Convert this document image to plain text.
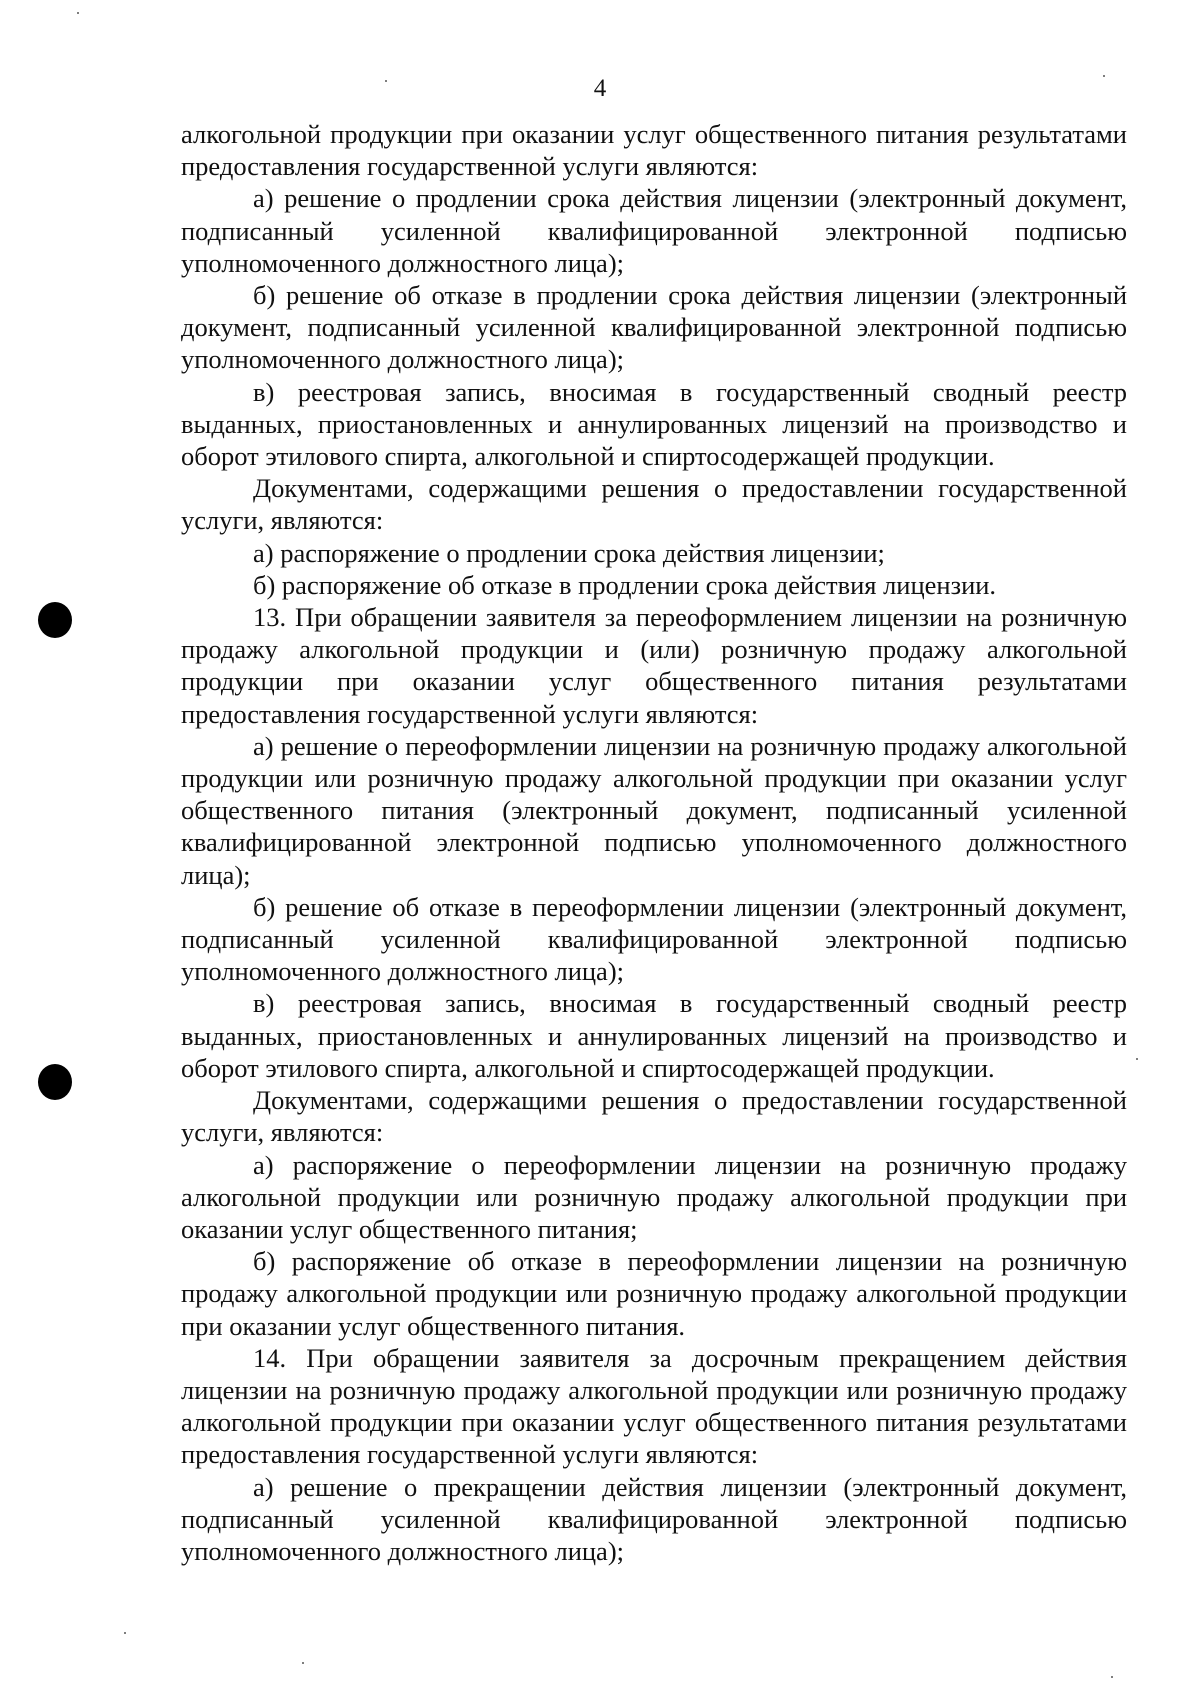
4

алкогольной продукции при оказании услуг общественного питания результатами предоставления государственной услуги являются:

а) решение о продлении срока действия лицензии (электронный документ, подписанный усиленной квалифицированной электронной подписью уполномоченного должностного лица);

б) решение об отказе в продлении срока действия лицензии (электронный документ, подписанный усиленной квалифицированной электронной подписью уполномоченного должностного лица);

в) реестровая запись, вносимая в государственный сводный реестр выданных, приостановленных и аннулированных лицензий на производство и оборот этилового спирта, алкогольной и спиртосодержащей продукции.

Документами, содержащими решения о предоставлении государственной услуги, являются:

а) распоряжение о продлении срока действия лицензии;

б) распоряжение об отказе в продлении срока действия лицензии.

13. При обращении заявителя за переоформлением лицензии на розничную продажу алкогольной продукции и (или) розничную продажу алкогольной продукции при оказании услуг общественного питания результатами предоставления государственной услуги являются:

а) решение о переоформлении лицензии на розничную продажу алкогольной продукции или розничную продажу алкогольной продукции при оказании услуг общественного питания (электронный документ, подписанный усиленной квалифицированной электронной подписью уполномоченного должностного лица);

б) решение об отказе в переоформлении лицензии (электронный документ, подписанный усиленной квалифицированной электронной подписью уполномоченного должностного лица);

в) реестровая запись, вносимая в государственный сводный реестр выданных, приостановленных и аннулированных лицензий на производство и оборот этилового спирта, алкогольной и спиртосодержащей продукции.

Документами, содержащими решения о предоставлении государственной услуги, являются:

а) распоряжение о переоформлении лицензии на розничную продажу алкогольной продукции или розничную продажу алкогольной продукции при оказании услуг общественного питания;

б) распоряжение об отказе в переоформлении лицензии на розничную продажу алкогольной продукции или розничную продажу алкогольной продукции при оказании услуг общественного питания.

14. При обращении заявителя за досрочным прекращением действия лицензии на розничную продажу алкогольной продукции или розничную продажу алкогольной продукции при оказании услуг общественного питания результатами предоставления государственной услуги являются:

а) решение о прекращении действия лицензии (электронный документ, подписанный усиленной квалифицированной электронной подписью уполномоченного должностного лица);
